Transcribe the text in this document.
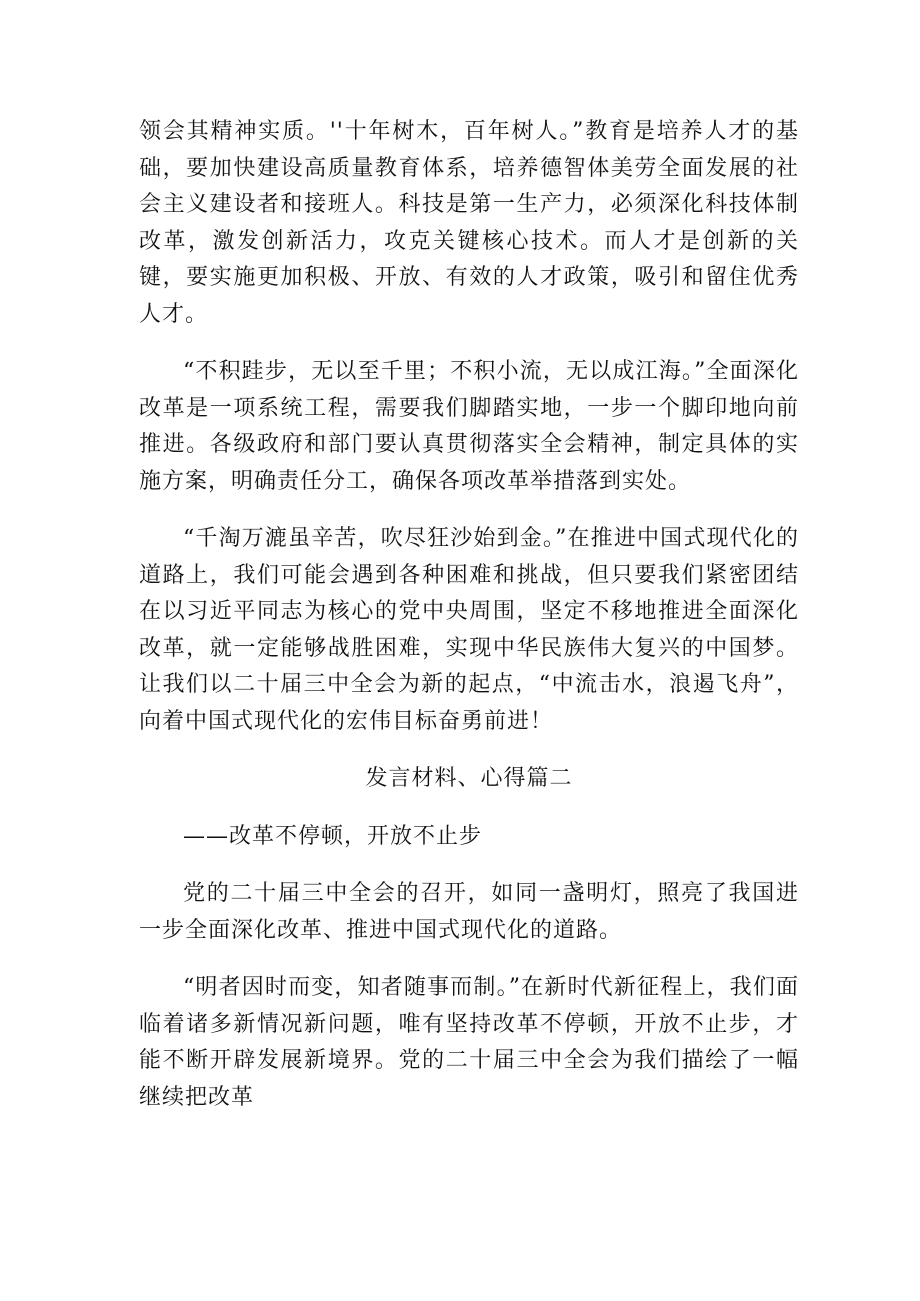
领会其精神实质。''十年树木，百年树人。”教育是培养人才的基础，要加快建设高质量教育体系，培养德智体美劳全面发展的社会主义建设者和接班人。科技是第一生产力，必须深化科技体制改革，激发创新活力，攻克关键核心技术。而人才是创新的关键，要实施更加积极、开放、有效的人才政策，吸引和留住优秀人才。

“不积跬步，无以至千里；不积小流，无以成江海。”全面深化改革是一项系统工程，需要我们脚踏实地，一步一个脚印地向前推进。各级政府和部门要认真贯彻落实全会精神，制定具体的实施方案，明确责任分工，确保各项改革举措落到实处。

“千淘万漉虽辛苦，吹尽狂沙始到金。”在推进中国式现代化的道路上，我们可能会遇到各种困难和挑战，但只要我们紧密团结在以习近平同志为核心的党中央周围，坚定不移地推进全面深化改革，就一定能够战胜困难，实现中华民族伟大复兴的中国梦。让我们以二十届三中全会为新的起点，“中流击水，浪遏飞舟”，向着中国式现代化的宏伟目标奋勇前进！

发言材料、心得篇二

——改革不停顿，开放不止步

党的二十届三中全会的召开，如同一盏明灯，照亮了我国进一步全面深化改革、推进中国式现代化的道路。

“明者因时而变，知者随事而制。”在新时代新征程上，我们面临着诸多新情况新问题，唯有坚持改革不停顿，开放不止步，才能不断开辟发展新境界。党的二十届三中全会为我们描绘了一幅继续把改革
